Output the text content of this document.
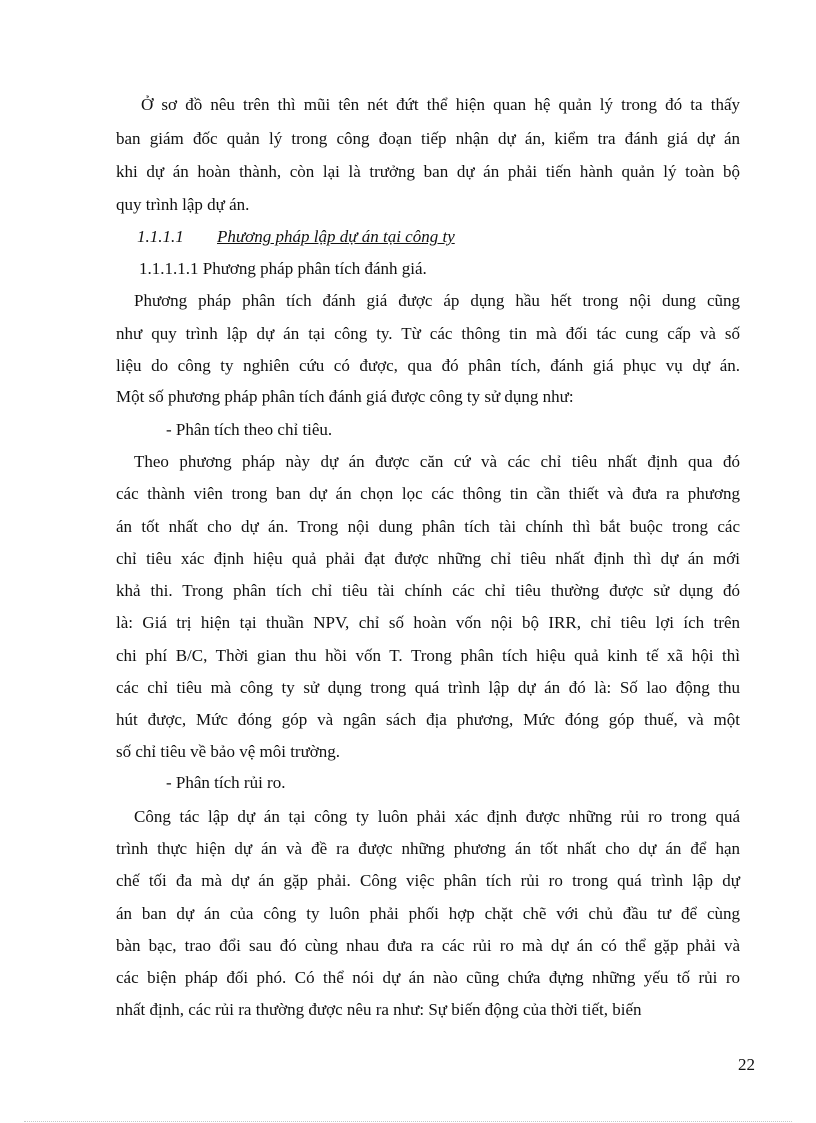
Ở sơ đồ nêu trên thì mũi tên nét đứt thể hiện quan hệ quản lý trong đó ta thấy
ban giám đốc quản lý trong công đoạn tiếp nhận dự án, kiểm tra đánh giá dự án
khi dự án hoàn thành, còn lại là trưởng ban dự án phải tiến hành quản lý toàn bộ
quy trình lập dự án.
1.1.1.1 Phương pháp lập dự án tại công ty
1.1.1.1.1 Phương pháp phân tích đánh giá.
Phương pháp phân tích đánh giá được áp dụng hầu hết trong nội dung cũng
như quy trình lập dự án tại công ty. Từ các thông tin mà đối tác cung cấp và số
liệu do công ty nghiên cứu có được, qua đó phân tích, đánh giá phục vụ dự án.
Một số phương pháp phân tích đánh giá được công ty sử dụng như:
- Phân tích theo chỉ tiêu.
Theo phương pháp này dự án được căn cứ và các chỉ tiêu nhất định qua đó
các thành viên trong ban dự án chọn lọc các thông tin cần thiết và đưa ra phương
án tốt nhất cho dự án. Trong nội dung phân tích tài chính thì bắt buộc trong các
chỉ tiêu xác định hiệu quả phải đạt được những chỉ tiêu nhất định thì dự án mới
khả thi. Trong phân tích chỉ tiêu tài chính các chỉ tiêu thường được sử dụng đó
là: Giá trị hiện tại thuần NPV, chỉ số hoàn vốn nội bộ IRR, chỉ tiêu lợi ích trên
chi phí B/C, Thời gian thu hồi vốn T. Trong phân tích hiệu quả kinh tế xã hội thì
các chỉ tiêu mà công ty sử dụng trong quá trình lập dự án đó là: Số lao động thu
hút được, Mức đóng góp và ngân sách địa phương, Mức đóng góp thuế, và một
số chỉ tiêu về bảo vệ môi trường.
- Phân tích rủi ro.
Công tác lập dự án tại công ty luôn phải xác định được những rủi ro trong quá
trình thực hiện dự án và đề ra được những phương án tốt nhất cho dự án để hạn
chế tối đa mà dự án gặp phải. Công việc phân tích rủi ro trong quá trình lập dự
án ban dự án của công ty luôn phải phối hợp chặt chẽ với chủ đầu tư để cùng
bàn bạc, trao đổi sau đó cùng nhau đưa ra các rủi ro mà dự án có thể gặp phải và
các biện pháp đối phó. Có thể nói dự án nào cũng chứa đựng những yếu tố rủi ro
nhất định, các rủi ra thường được nêu ra như: Sự biến động của thời tiết, biến
22
